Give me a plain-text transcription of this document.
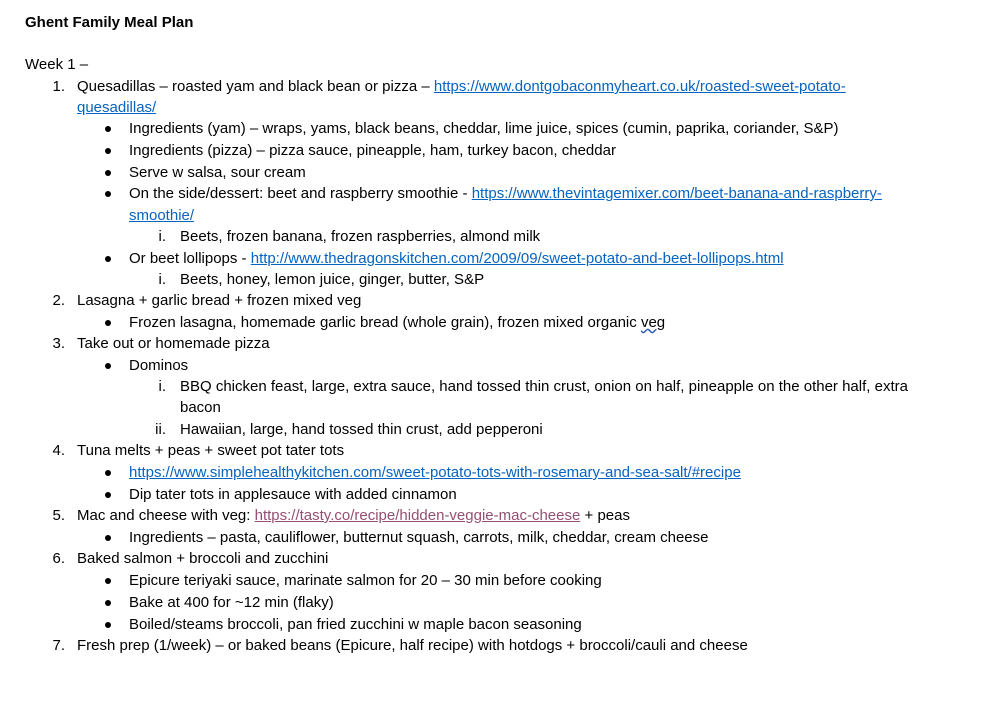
Ghent Family Meal Plan
Week 1 –
1. Quesadillas – roasted yam and black bean or pizza – https://www.dontgobaconmyheart.co.uk/roasted-sweet-potato-
quesadillas/
Ingredients (yam) – wraps, yams, black beans, cheddar, lime juice, spices (cumin, paprika, coriander, S&P)
Ingredients (pizza) – pizza sauce, pineapple, ham, turkey bacon, cheddar
Serve w salsa, sour cream
On the side/dessert: beet and raspberry smoothie - https://www.thevintagemixer.com/beet-banana-and-raspberry-
smoothie/
i. Beets, frozen banana, frozen raspberries, almond milk
Or beet lollipops - http://www.thedragonskitchen.com/2009/09/sweet-potato-and-beet-lollipops.html
i. Beets, honey, lemon juice, ginger, butter, S&P
2. Lasagna + garlic bread + frozen mixed veg
Frozen lasagna, homemade garlic bread (whole grain), frozen mixed organic veg
3. Take out or homemade pizza
Dominos
i. BBQ chicken feast, large, extra sauce, hand tossed thin crust, onion on half, pineapple on the other half, extra
bacon
ii. Hawaiian, large, hand tossed thin crust, add pepperoni
4. Tuna melts + peas + sweet pot tater tots
https://www.simplehealthykitchen.com/sweet-potato-tots-with-rosemary-and-sea-salt/#recipe
Dip tater tots in applesauce with added cinnamon
5. Mac and cheese with veg: https://tasty.co/recipe/hidden-veggie-mac-cheese + peas
Ingredients – pasta, cauliflower, butternut squash, carrots, milk, cheddar, cream cheese
6. Baked salmon + broccoli and zucchini
Epicure teriyaki sauce, marinate salmon for 20 – 30 min before cooking
Bake at 400 for ~12 min (flaky)
Boiled/steams broccoli, pan fried zucchini w maple bacon seasoning
7. Fresh prep (1/week) – or baked beans (Epicure, half recipe) with hotdogs + broccoli/cauli and cheese
